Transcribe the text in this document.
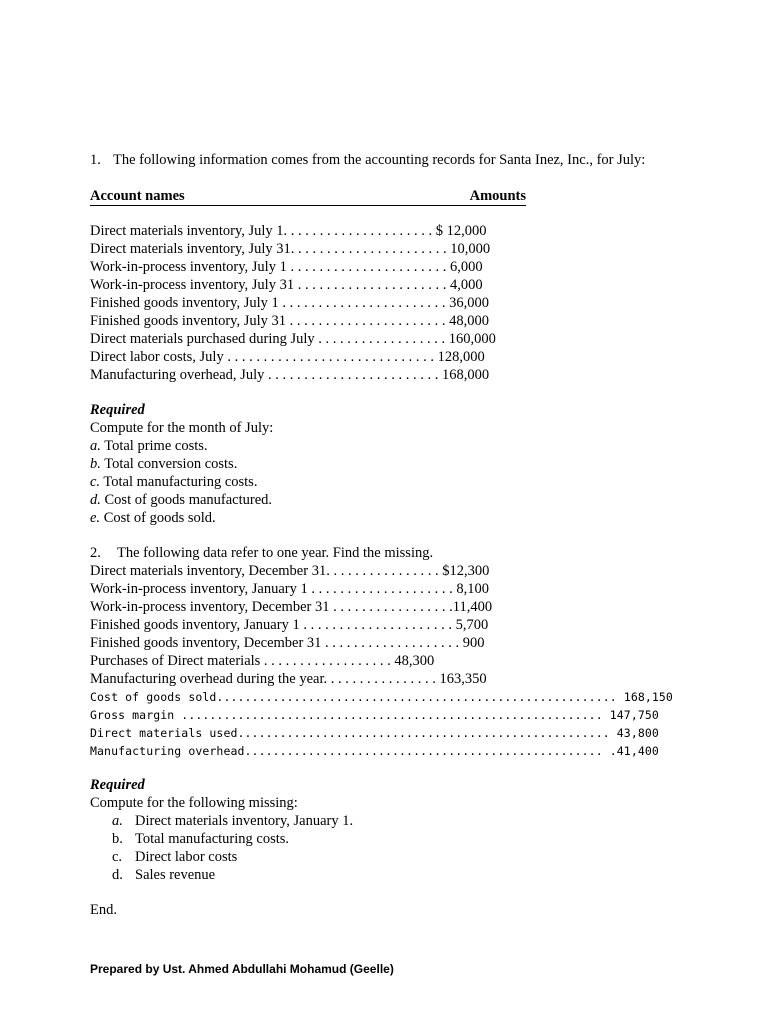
1. The following information comes from the accounting records for Santa Inez, Inc., for July:
Account names	Amounts
Direct materials inventory, July 1. . . . . . . . . . . . . . . . . . . . . $ 12,000
Direct materials inventory, July 31. . . . . . . . . . . . . . . . . . . . . . 10,000
Work-in-process inventory, July 1 . . . . . . . . . . . . . . . . . . . . . . 6,000
Work-in-process inventory, July 31 . . . . . . . . . . . . . . . . . . . . . 4,000
Finished goods inventory, July 1 . . . . . . . . . . . . . . . . . . . . . . . 36,000
Finished goods inventory, July 31 . . . . . . . . . . . . . . . . . . . . . . 48,000
Direct materials purchased during July . . . . . . . . . . . . . . . . . . 160,000
Direct labor costs, July . . . . . . . . . . . . . . . . . . . . . . . . . . . . . 128,000
Manufacturing overhead, July . . . . . . . . . . . . . . . . . . . . . . . . 168,000
Required
Compute for the month of July:
a. Total prime costs.
b. Total conversion costs.
c. Total manufacturing costs.
d. Cost of goods manufactured.
e. Cost of goods sold.
2. The following data refer to one year. Find the missing.
Direct materials inventory, December 31. . . . . . . . . . . . . . . . $12,300
Work-in-process inventory, January 1 . . . . . . . . . . . . . . . . . . . . 8,100
Work-in-process inventory, December 31 . . . . . . . . . . . . . . . . .11,400
Finished goods inventory, January 1 . . . . . . . . . . . . . . . . . . . . . 5,700
Finished goods inventory, December 31 . . . . . . . . . . . . . . . . . . . 900
Purchases of Direct materials . . . . . . . . . . . . . . . . . . 48,300
Manufacturing overhead during the year. . . . . . . . . . . . . . . . 163,350
Cost of goods sold......................................................... 168,150
Gross margin ............................................................ 147,750
Direct materials used..................................................... 43,800
Manufacturing overhead................................................... .41,400
Required
Compute for the following missing:
a. Direct materials inventory, January 1.
b. Total manufacturing costs.
c. Direct labor costs
d. Sales revenue
End.
Prepared by Ust. Ahmed Abdullahi Mohamud (Geelle)
